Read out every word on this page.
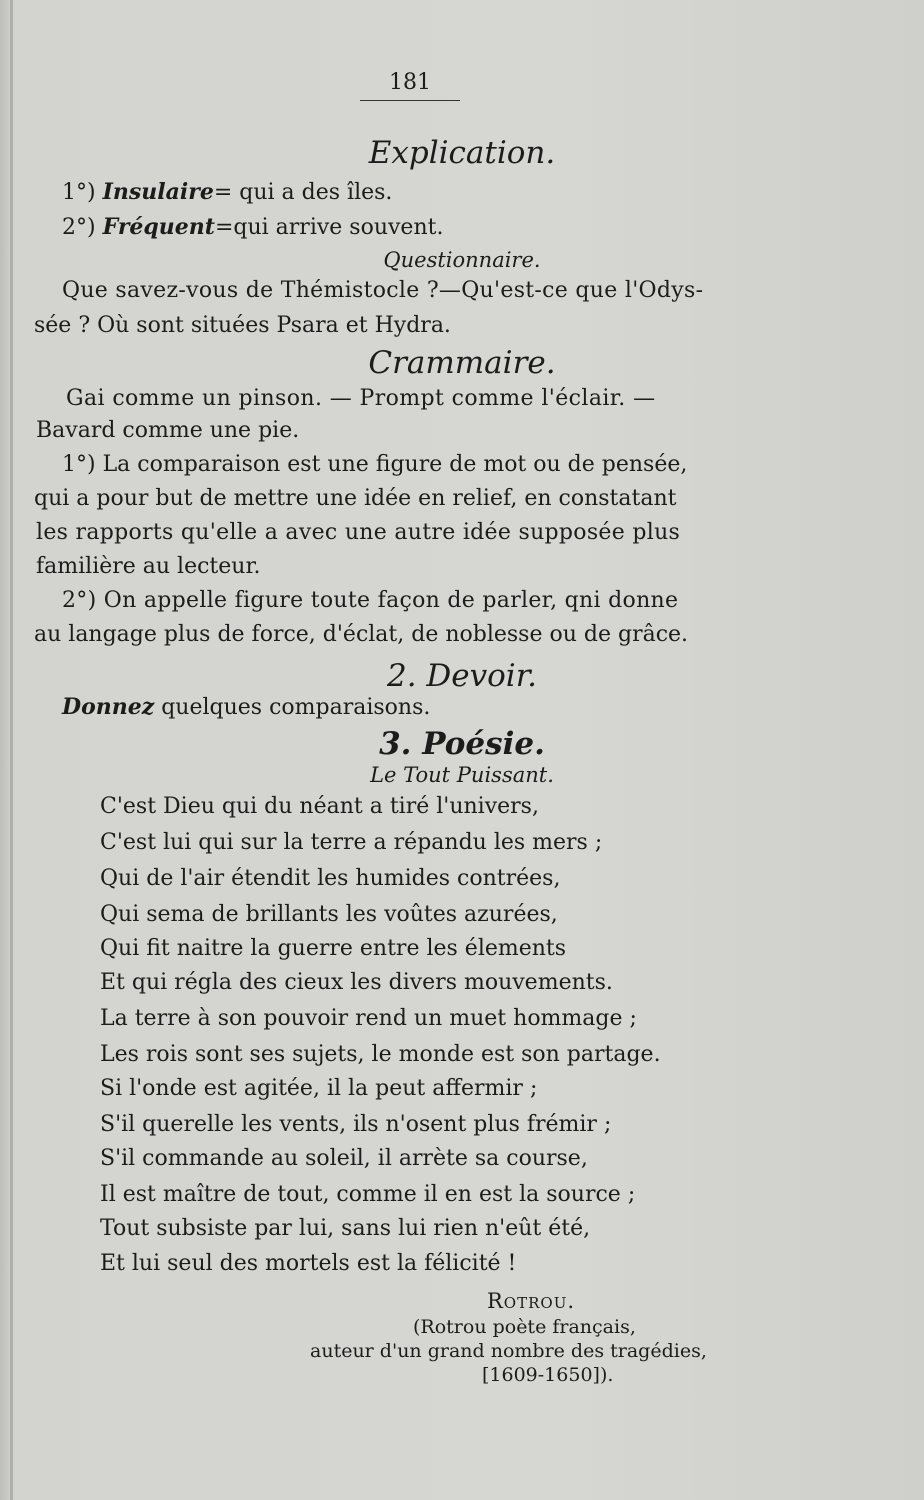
181
Explication.
1°) Insulaire= qui a des îles.
2°) Fréquent=qui arrive souvent.
Questionnaire.
Que savez-vous de Thémistocle ?—Qu'est-ce que l'Odys-
sée ? Où sont situées Psara et Hydra.
Crammaire.
Gai comme un pinson. — Prompt comme l'éclair. —
Bavard comme une pie.
1°) La comparaison est une figure de mot ou de pensée,
qui a pour but de mettre une idée en relief, en constatant
les rapports qu'elle a avec une autre idée supposée plus
familière au lecteur.
2°) On appelle figure toute façon de parler, qni donne
au langage plus de force, d'éclat, de noblesse ou de grâce.
2. Devoir.
Donnez quelques comparaisons.
3. Poésie.
Le Tout Puissant.
C'est Dieu qui du néant a tiré l'univers,
C'est lui qui sur la terre a répandu les mers ;
Qui de l'air étendit les humides contrées,
Qui sema de brillants les voûtes azurées,
Qui fit naitre la guerre entre les élements
Et qui régla des cieux les divers mouvements.
La terre à son pouvoir rend un muet hommage ;
Les rois sont ses sujets, le monde est son partage.
Si l'onde est agitée, il la peut affermir ;
S'il querelle les vents, ils n'osent plus frémir ;
S'il commande au soleil, il arrète sa course,
Il est maître de tout, comme il en est la source ;
Tout subsiste par lui, sans lui rien n'eût été,
Et lui seul des mortels est la félicité !
Rotrou.
(Rotrou poète français,
auteur d'un grand nombre des tragédies,
[1609-1650]).
